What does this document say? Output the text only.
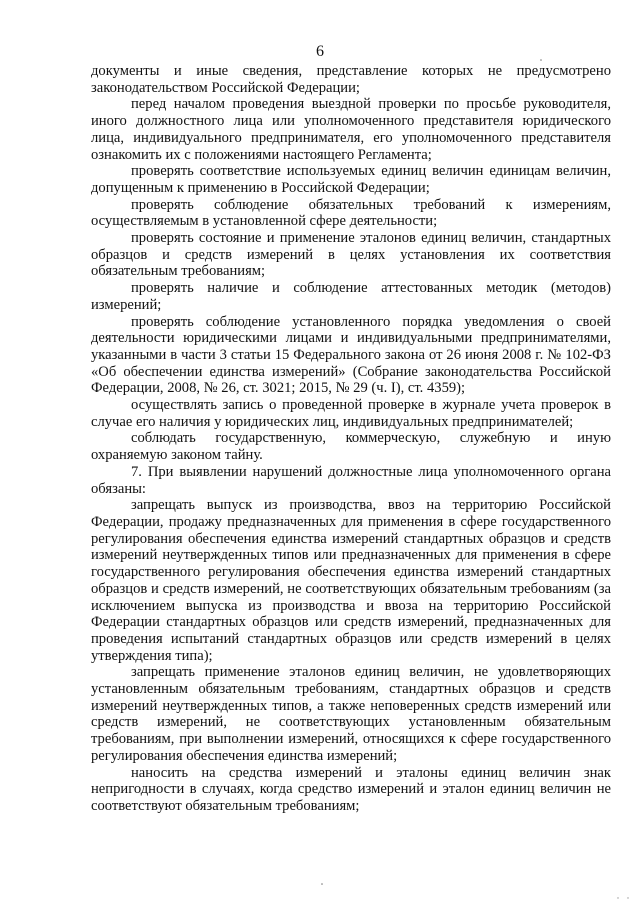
6

документы и иные сведения, представление которых не предусмотрено законодательством Российской Федерации;

перед началом проведения выездной проверки по просьбе руководителя, иного должностного лица или уполномоченного представителя юридического лица, индивидуального предпринимателя, его уполномоченного представителя ознакомить их с положениями настоящего Регламента;

проверять соответствие используемых единиц величин единицам величин, допущенным к применению в Российской Федерации;

проверять соблюдение обязательных требований к измерениям, осуществляемым в установленной сфере деятельности;

проверять состояние и применение эталонов единиц величин, стандартных образцов и средств измерений в целях установления их соответствия обязательным требованиям;

проверять наличие и соблюдение аттестованных методик (методов) измерений;

проверять соблюдение установленного порядка уведомления о своей деятельности юридическими лицами и индивидуальными предпринимателями, указанными в части 3 статьи 15 Федерального закона от 26 июня 2008 г. № 102-ФЗ «Об обеспечении единства измерений» (Собрание законодательства Российской Федерации, 2008, № 26, ст. 3021; 2015, № 29 (ч. I), ст. 4359);

осуществлять запись о проведенной проверке в журнале учета проверок в случае его наличия у юридических лиц, индивидуальных предпринимателей;

соблюдать государственную, коммерческую, служебную и иную охраняемую законом тайну.

7. При выявлении нарушений должностные лица уполномоченного органа обязаны:

запрещать выпуск из производства, ввоз на территорию Российской Федерации, продажу предназначенных для применения в сфере государственного регулирования обеспечения единства измерений стандартных образцов и средств измерений неутвержденных типов или предназначенных для применения в сфере государственного регулирования обеспечения единства измерений стандартных образцов и средств измерений, не соответствующих обязательным требованиям (за исключением выпуска из производства и ввоза на территорию Российской Федерации стандартных образцов или средств измерений, предназначенных для проведения испытаний стандартных образцов или средств измерений в целях утверждения типа);

запрещать применение эталонов единиц величин, не удовлетворяющих установленным обязательным требованиям, стандартных образцов и средств измерений неутвержденных типов, а также неповеренных средств измерений или средств измерений, не соответствующих установленным обязательным требованиям, при выполнении измерений, относящихся к сфере государственного регулирования обеспечения единства измерений;

наносить на средства измерений и эталоны единиц величин знак непригодности в случаях, когда средство измерений и эталон единиц величин не соответствуют обязательным требованиям;
